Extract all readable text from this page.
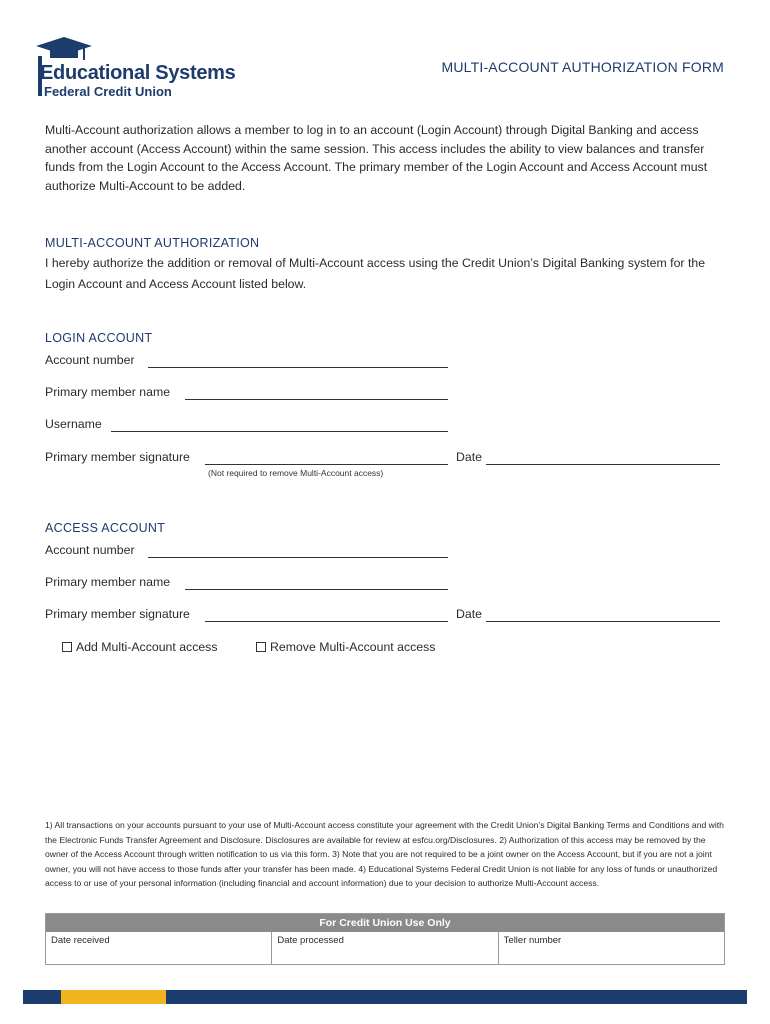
Educational Systems
Federal Credit Union
MULTI-ACCOUNT AUTHORIZATION FORM
Multi-Account authorization allows a member to log in to an account (Login Account) through Digital Banking and access another account (Access Account) within the same session. This access includes the ability to view balances and transfer funds from the Login Account to the Access Account. The primary member of the Login Account and Access Account must authorize Multi-Account to be added.
MULTI-ACCOUNT AUTHORIZATION
I hereby authorize the addition or removal of Multi-Account access using the Credit Union’s Digital Banking system for the Login Account and Access Account listed below.
LOGIN ACCOUNT
Account number
Primary member name
Username
Primary member signature	Date
(Not required to remove Multi-Account access)
ACCESS ACCOUNT
Account number
Primary member name
Primary member signature	Date
Add Multi-Account access	Remove Multi-Account access
1) All transactions on your accounts pursuant to your use of Multi-Account access constitute your agreement with the Credit Union’s Digital Banking Terms and Conditions and with the Electronic Funds Transfer Agreement and Disclosure. Disclosures are available for review at esfcu.org/Disclosures. 2) Authorization of this access may be removed by the owner of the Access Account through written notification to us via this form. 3) Note that you are not required to be a joint owner on the Access Account, but if you are not a joint owner, you will not have access to those funds after your transfer has been made. 4) Educational Systems Federal Credit Union is not liable for any loss of funds or unauthorized access to or use of your personal information (including financial and account information) due to your decision to authorize Multi-Account access.
For Credit Union Use Only
Date received	Date processed	Teller number
